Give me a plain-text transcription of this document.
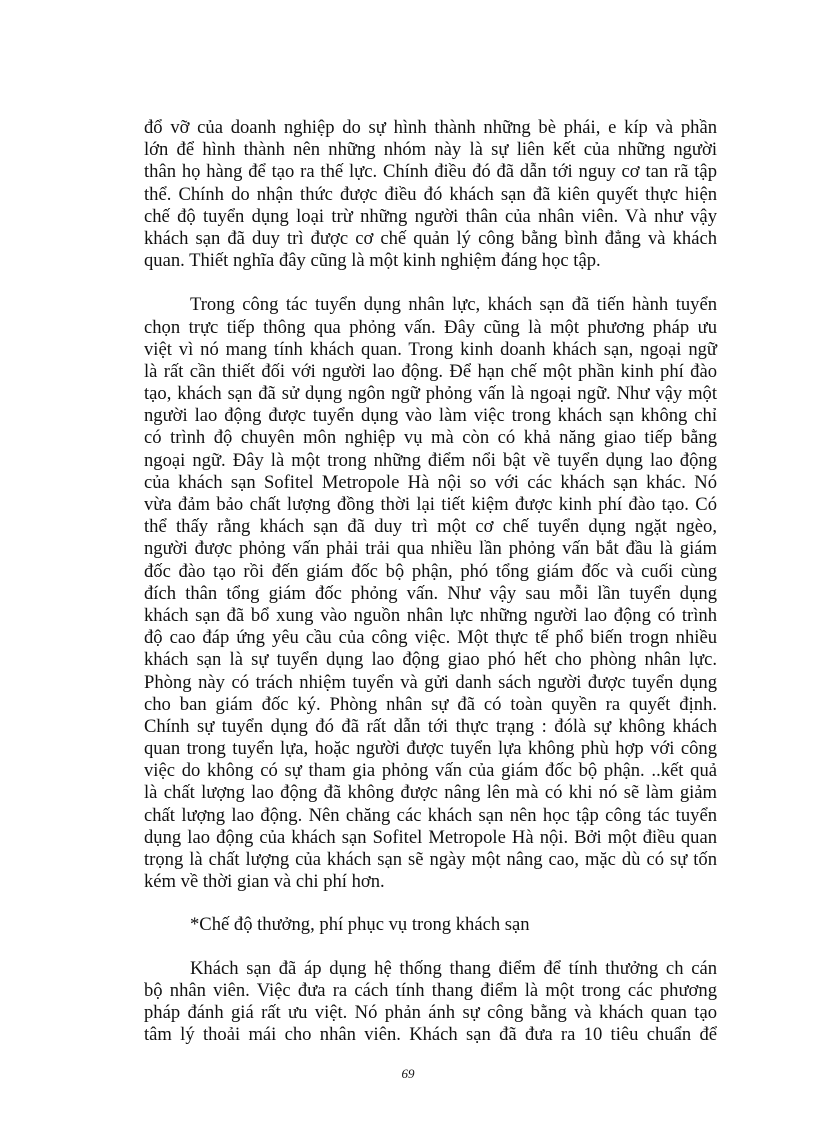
đổ vỡ của doanh nghiệp do sự hình thành những bè phái, e kíp và phần
lớn để hình thành nên những nhóm này là sự liên kết của những người
thân họ hàng để tạo ra thế lực. Chính điều đó đã dẫn tới nguy cơ tan rã tập
thể. Chính do nhận thức được điều đó khách sạn đã kiên quyết thực hiện
chế độ tuyển dụng loại trừ những người thân của nhân viên. Và như vậy
khách sạn đã duy trì được cơ chế quản lý công bằng bình đẳng và khách
quan. Thiết nghĩa đây cũng là một kinh nghiệm đáng học tập.
Trong công tác tuyển dụng nhân lực, khách sạn đã tiến hành tuyển
chọn trực tiếp thông qua phỏng vấn. Đây cũng là một phương pháp ưu
việt vì nó mang tính khách quan. Trong kinh doanh khách sạn, ngoại ngữ
là rất cần thiết đối với người lao động. Để hạn chế một phần kinh phí đào
tạo, khách sạn đã sử dụng ngôn ngữ phỏng vấn là ngoại ngữ. Như vậy một
người lao động được tuyển dụng vào làm việc trong khách sạn không chỉ
có trình độ chuyên môn nghiệp vụ mà còn có khả năng giao tiếp bằng
ngoại ngữ. Đây là một trong những điểm nổi bật về tuyển dụng lao động
của khách sạn Sofitel Metropole Hà nội so với các khách sạn khác. Nó
vừa đảm bảo chất lượng đồng thời lại tiết kiệm được kinh phí đào tạo. Có
thể thấy rằng khách sạn đã duy trì một cơ chế tuyển dụng ngặt ngèo,
người được phỏng vấn phải trải qua nhiều lần phỏng vấn bắt đầu là giám
đốc đào tạo rồi đến giám đốc bộ phận, phó tổng giám đốc và cuối cùng
đích thân tổng giám đốc phỏng vấn. Như vậy sau mỗi lần tuyển dụng
khách sạn đã bổ xung vào nguồn nhân lực những người lao động có trình
độ cao đáp ứng yêu cầu của công việc. Một thực tế phổ biến trogn nhiều
khách sạn là sự tuyển dụng lao động giao phó hết cho phòng nhân lực.
Phòng này có trách nhiệm tuyển và gửi danh sách người được tuyển dụng
cho ban giám đốc ký. Phòng nhân sự đã có toàn quyền ra quyết định.
Chính sự tuyển dụng đó đã rất dẫn tới thực trạng : đólà sự không khách
quan trong tuyển lựa, hoặc người được tuyển lựa không phù hợp với công
việc do không có sự tham gia phỏng vấn của giám đốc bộ phận. ..kết quả
là chất lượng lao động đã không được nâng lên mà có khi nó sẽ làm giảm
chất lượng lao động. Nên chăng các khách sạn nên học tập công tác tuyển
dụng lao động của khách sạn Sofitel Metropole Hà nội. Bởi một điều quan
trọng là chất lượng của khách sạn sẽ ngày một nâng cao, mặc dù có sự tốn
kém về thời gian và chi phí hơn.
*Chế độ thưởng, phí phục vụ trong khách sạn
Khách sạn đã áp dụng hệ thống thang điểm để tính thưởng ch cán
bộ nhân viên. Việc đưa ra cách tính thang điểm là một trong các phương
pháp đánh giá rất ưu việt. Nó phản ánh sự công bằng và khách quan tạo
tâm lý thoải mái cho nhân viên. Khách sạn đã đưa ra 10 tiêu chuẩn để
69
